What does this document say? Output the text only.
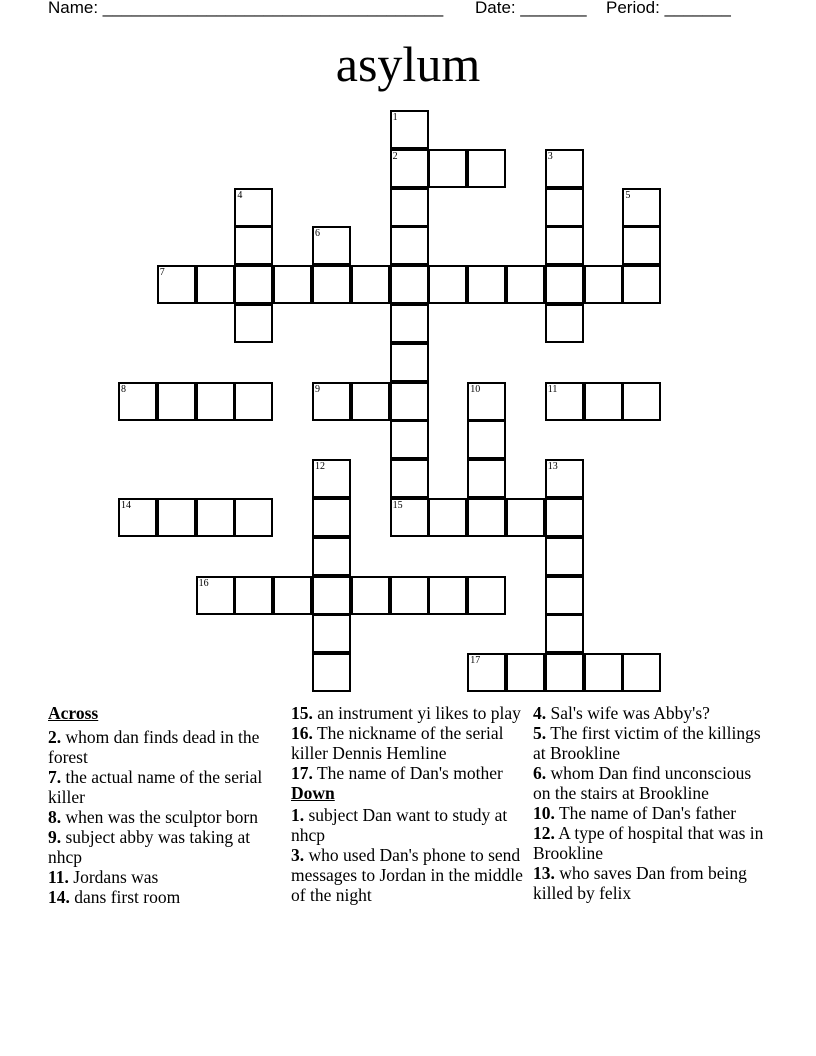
Name: ____________________________________ Date: _______ Period: _______
asylum
1
2
15
3
4	5
6
7
8	9	10	11
12	13
14
16
17
Across
2. whom dan finds dead in the forest
7. the actual name of the serial killer
8. when was the sculptor born
9. subject abby was taking at nhcp
11. Jordans was
14. dans first room
15. an instrument yi likes to play
16. The nickname of the serial killer Dennis Hemline
17. The name of Dan's mother
Down
1. subject Dan want to study at nhcp
3. who used Dan's phone to send messages to Jordan in the middle of the night
4. Sal's wife was Abby's?
5. The first victim of the killings at Brookline
6. whom Dan find unconscious on the stairs at Brookline
10. The name of Dan's father
12. A type of hospital that was in Brookline
13. who saves Dan from being killed by felix
